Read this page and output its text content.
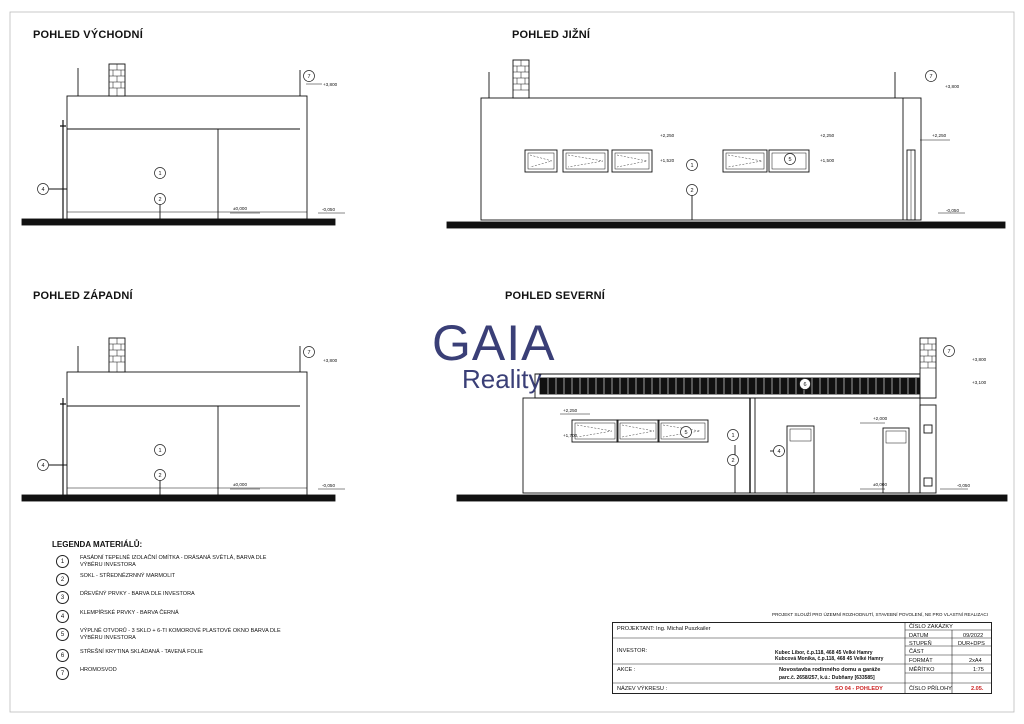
POHLED VÝCHODNÍ	POHLED JIŽNÍ
POHLED ZÁPADNÍ	POHLED SEVERNÍ
+3,800
±0,000	-0,050
+3,800
+2,250
+1,520
+2,250
+1,500
+2,250
-0,050
+3,800
±0,000	-0,050
+3,800
+3,100
+2,250
+1,700
+2,000
±0,000	-0,050
7
1
2
4
7
1
2
5
7
1
2
4
7
6
5	1
2
4
GAIA
Reality
LEGENDA MATERIÁLŮ:
1
FASÁDNÍ TEPELNĚ IZOLAČNÍ OMÍTKA - DRÁSANÁ SVĚTLÁ, BARVA DLE VÝBĚRU INVESTORA
2
SOKL - STŘEDNĚZRNNÝ MARMOLIT
3
DŘEVĚNÝ PRVKY - BARVA DLE INVESTORA
4
KLEMPÍŘSKÉ PRVKY - BARVA ČERNÁ
5
VÝPLNĚ OTVORŮ - 3 SKLO + 6-TI KOMOROVÉ PLASTOVÉ OKNO BARVA DLE VÝBĚRU INVESTORA
6
STŘEŠNÍ KRYTINA SKLÁDANÁ - TAVENÁ FOLIE
7
HROMOSVOD
PROJEKT SLOUŽÍ PRO ÚZEMNÍ ROZHODNUTÍ, STAVEBNÍ POVOLENÍ, NE PRO VLASTNÍ REALIZACI
PROJEKTANT: Ing. Michal Puszkailer
INVESTOR:	Kubec Libor, č.p.118, 468 45 Velké Hamry
Kubcová Monika, č.p.118, 468 45 Velké Hamry
AKCE :	Novostavba rodinného domu a garáže
parc.č. 2658/257, k.ú.: Dubňany [633585]
NÁZEV VÝKRESU :	SO 04 - POHLEDY
ČÍSLO ZAKÁZKY
DATUM	09/2022
STUPEŇ	DUR+DPS
ČÁST
FORMÁT	2xA4
MĚŘÍTKO	1:75
ČÍSLO PŘÍLOHY	2.05.
